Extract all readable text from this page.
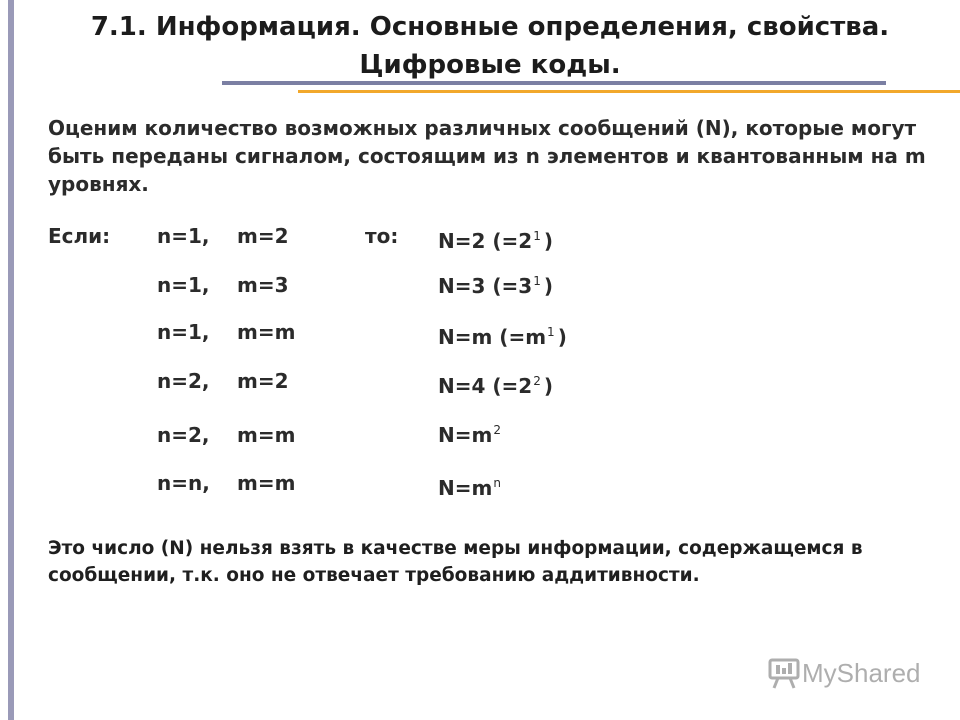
7.1. Информация. Основные определения, свойства.
Цифровые коды.

Оценим количество возможных различных сообщений (N), которые могут быть переданы сигналом, состоящим из n элементов и квантованным на m уровнях.

Если:	то:
n=1, m=2	N=2 ($=2^1$ )
n=1, m=3	N=3 ($=3^1$ )
n=1, m=m	N=m ($=m^1$ )
n=2, m=2	N=4 ($=2^2$ )
n=2, m=m	$N=m^2$
n=n, m=m	$N=m^n$

Это число (N) нельзя взять в качестве меры информации, содержащемся в сообщении, т.к. оно не отвечает требованию аддитивности.

MyShared
